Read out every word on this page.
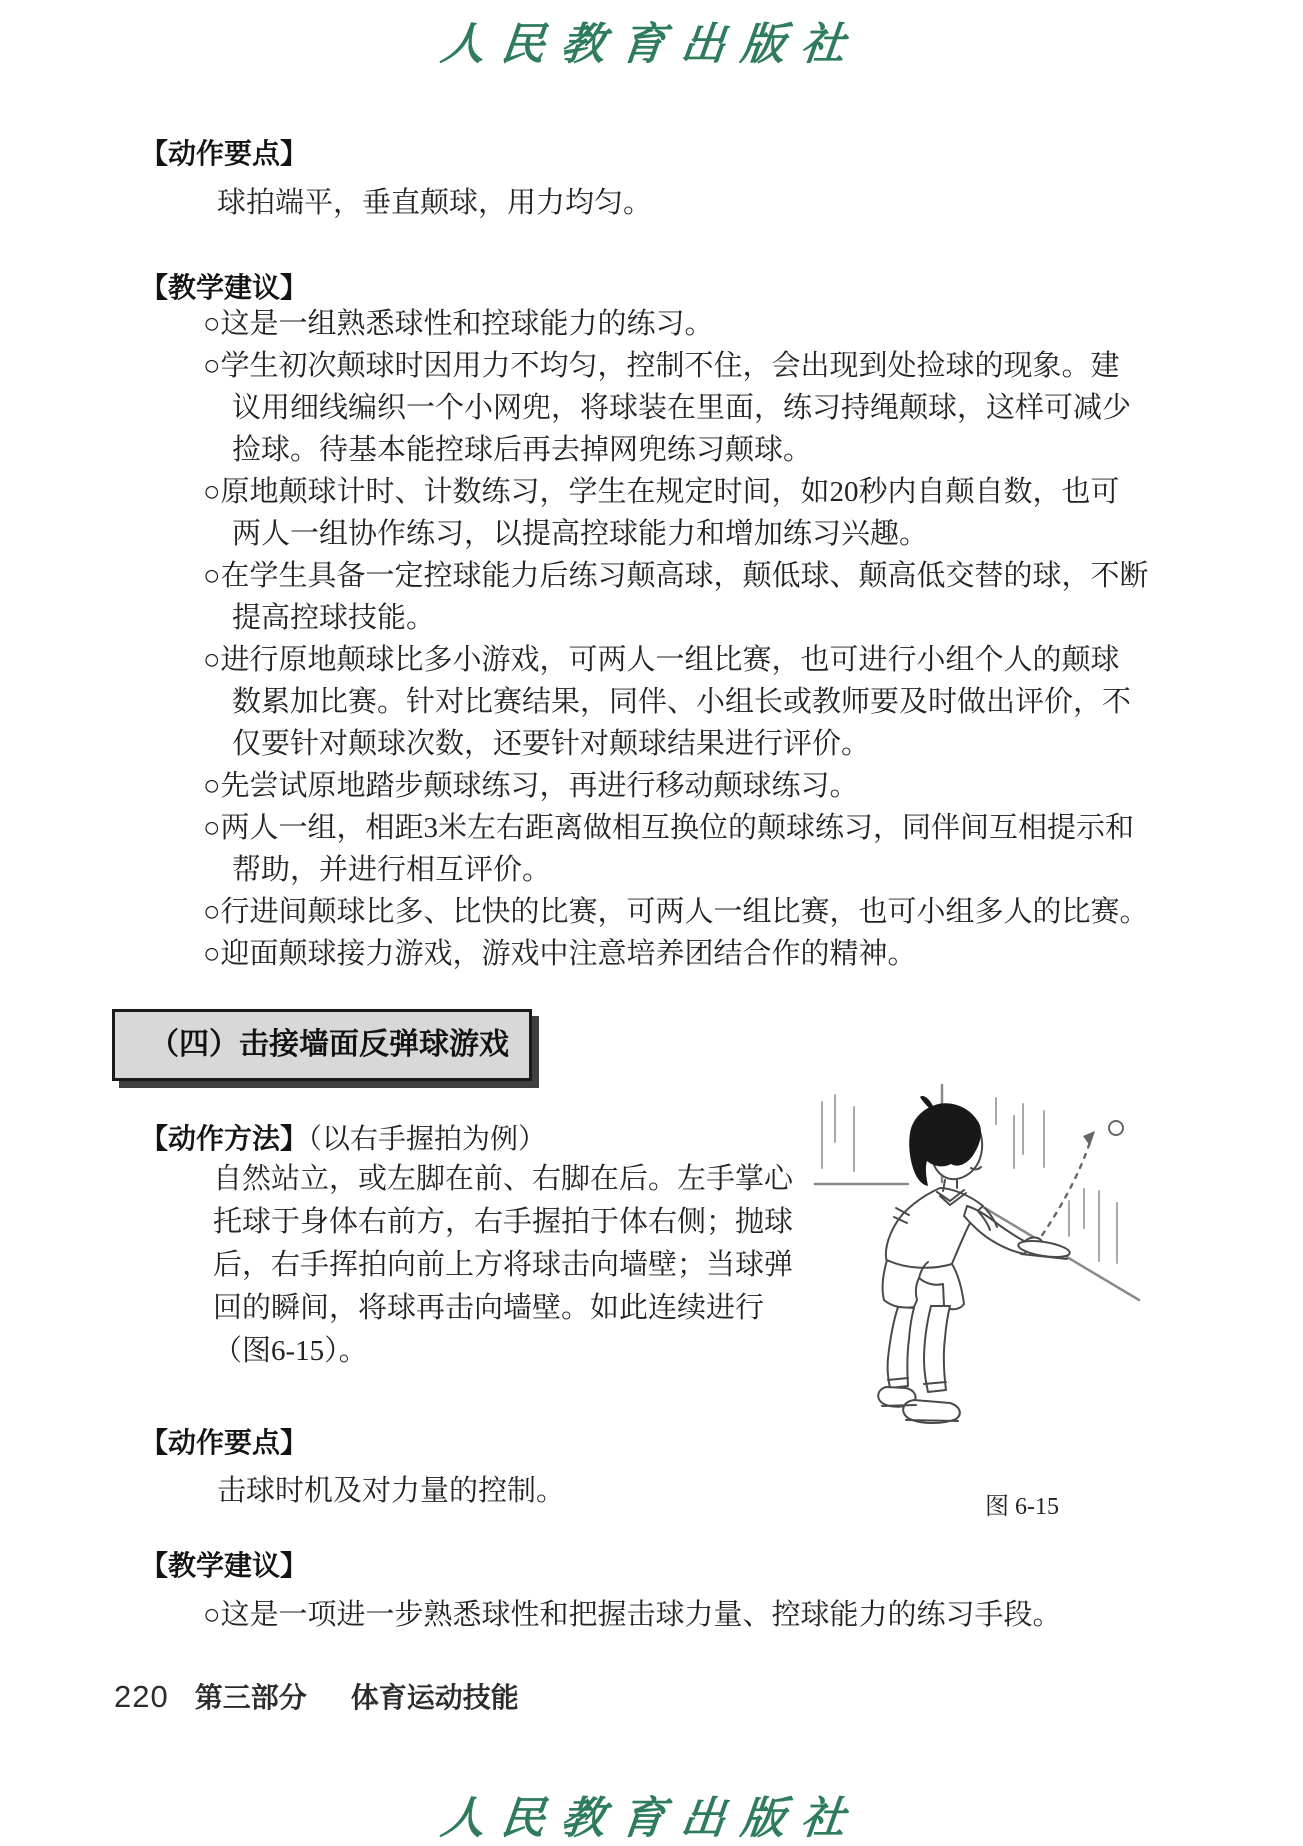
人民教育出版社
【动作要点】
球拍端平，垂直颠球，用力均匀。
【教学建议】
○这是一组熟悉球性和控球能力的练习。
○学生初次颠球时因用力不均匀，控制不住，会出现到处捡球的现象。建
议用细线编织一个小网兜，将球装在里面，练习持绳颠球，这样可减少
捡球。待基本能控球后再去掉网兜练习颠球。
○原地颠球计时、计数练习，学生在规定时间，如20秒内自颠自数，也可
两人一组协作练习，以提高控球能力和增加练习兴趣。
○在学生具备一定控球能力后练习颠高球，颠低球、颠高低交替的球，不断
提高控球技能。
○进行原地颠球比多小游戏，可两人一组比赛，也可进行小组个人的颠球
数累加比赛。针对比赛结果，同伴、小组长或教师要及时做出评价，不
仅要针对颠球次数，还要针对颠球结果进行评价。
○先尝试原地踏步颠球练习，再进行移动颠球练习。
○两人一组，相距3米左右距离做相互换位的颠球练习，同伴间互相提示和
帮助，并进行相互评价。
○行进间颠球比多、比快的比赛，可两人一组比赛，也可小组多人的比赛。
○迎面颠球接力游戏，游戏中注意培养团结合作的精神。
（四）击接墙面反弹球游戏
【动作方法】（以右手握拍为例）
自然站立，或左脚在前、右脚在后。左手掌心
托球于身体右前方，右手握拍于体右侧；抛球
后，右手挥拍向前上方将球击向墙壁；当球弹
回的瞬间，将球再击向墙壁。如此连续进行
（图6-15）。
图 6-15
【动作要点】
击球时机及对力量的控制。
【教学建议】
○这是一项进一步熟悉球性和把握击球力量、控球能力的练习手段。
220 第三部分 体育运动技能
人民教育出版社
